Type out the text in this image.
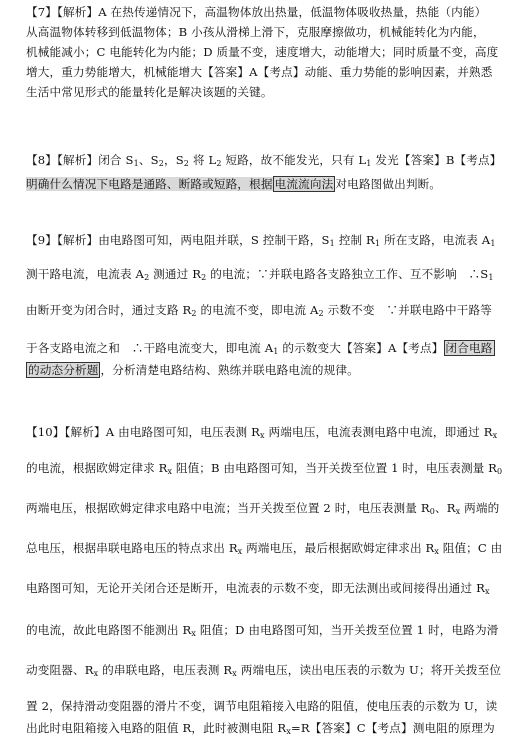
【7】【解析】A 在热传递情况下，高温物体放出热量，低温物体吸收热量，热能（内能）
从高温物体转移到低温物体；B 小孩从滑梯上滑下，克服摩擦做功，机械能转化为内能，
机械能减小；C 电能转化为内能；D 质量不变，速度增大，动能增大；同时质量不变，高度
增大，重力势能增大，机械能增大【答案】A【考点】动能、重力势能的影响因素，并熟悉
生活中常见形式的能量转化是解决该题的关键。
【8】【解析】闭合 $S_1$、$S_2$，$S_2$ 将 $L_2$ 短路，故不能发光，只有 $L_1$ 发光【答案】B【考点】
明确什么情况下电路是通路、断路或短路，根据 电流流向法 对电路图做出判断。
【9】【解析】由电路图可知，两电阻并联，S 控制干路，$S_1$ 控制 $R_1$ 所在支路，电流表 $A_1$
测干路电流，电流表 $A_2$ 测通过 $R_2$ 的电流；∵并联电路各支路独立工作、互不影响　$\therefore S_1$
由断开变为闭合时，通过支路 $R_2$ 的电流不变，即电流 $A_2$ 示数不变　∵并联电路中干路等
于各支路电流之和　∴干路电流变大，即电流 $A_1$ 的示数变大【答案】A【考点】 闭合电路
的动态分析题 ，分析清楚电路结构、熟练并联电路电流的规律。
【10】【解析】A 由电路图可知，电压表测 $R_x$ 两端电压，电流表测电路中电流，即通过 $R_x$
的电流，根据欧姆定律求 $R_x$ 阻值；B 由电路图可知，当开关拨至位置 1 时，电压表测量 $R_0$
两端电压，根据欧姆定律求电路中电流；当开关拨至位置 2 时，电压表测量 $R_0$、$R_x$ 两端的
总电压，根据串联电路电压的特点求出 $R_x$ 两端电压，最后根据欧姆定律求出 $R_x$ 阻值；C 由
电路图可知，无论开关闭合还是断开，电流表的示数不变，即无法测出或间接得出通过 $R_x$
的电流，故此电路图不能测出 $R_x$ 阻值；D 由电路图可知，当开关拨至位置 1 时，电路为滑
动变阻器、$R_x$ 的串联电路，电压表测 $R_x$ 两端电压，读出电压表的示数为 U；将开关拨至位
置 2，保持滑动变阻器的滑片不变，调节电阻箱接入电路的阻值，使电压表的示数为 U，读
出此时电阻箱接入电路的阻值 R，此时被测电阻 $R_x=R$【答案】C【考点】测电阻的原理为
